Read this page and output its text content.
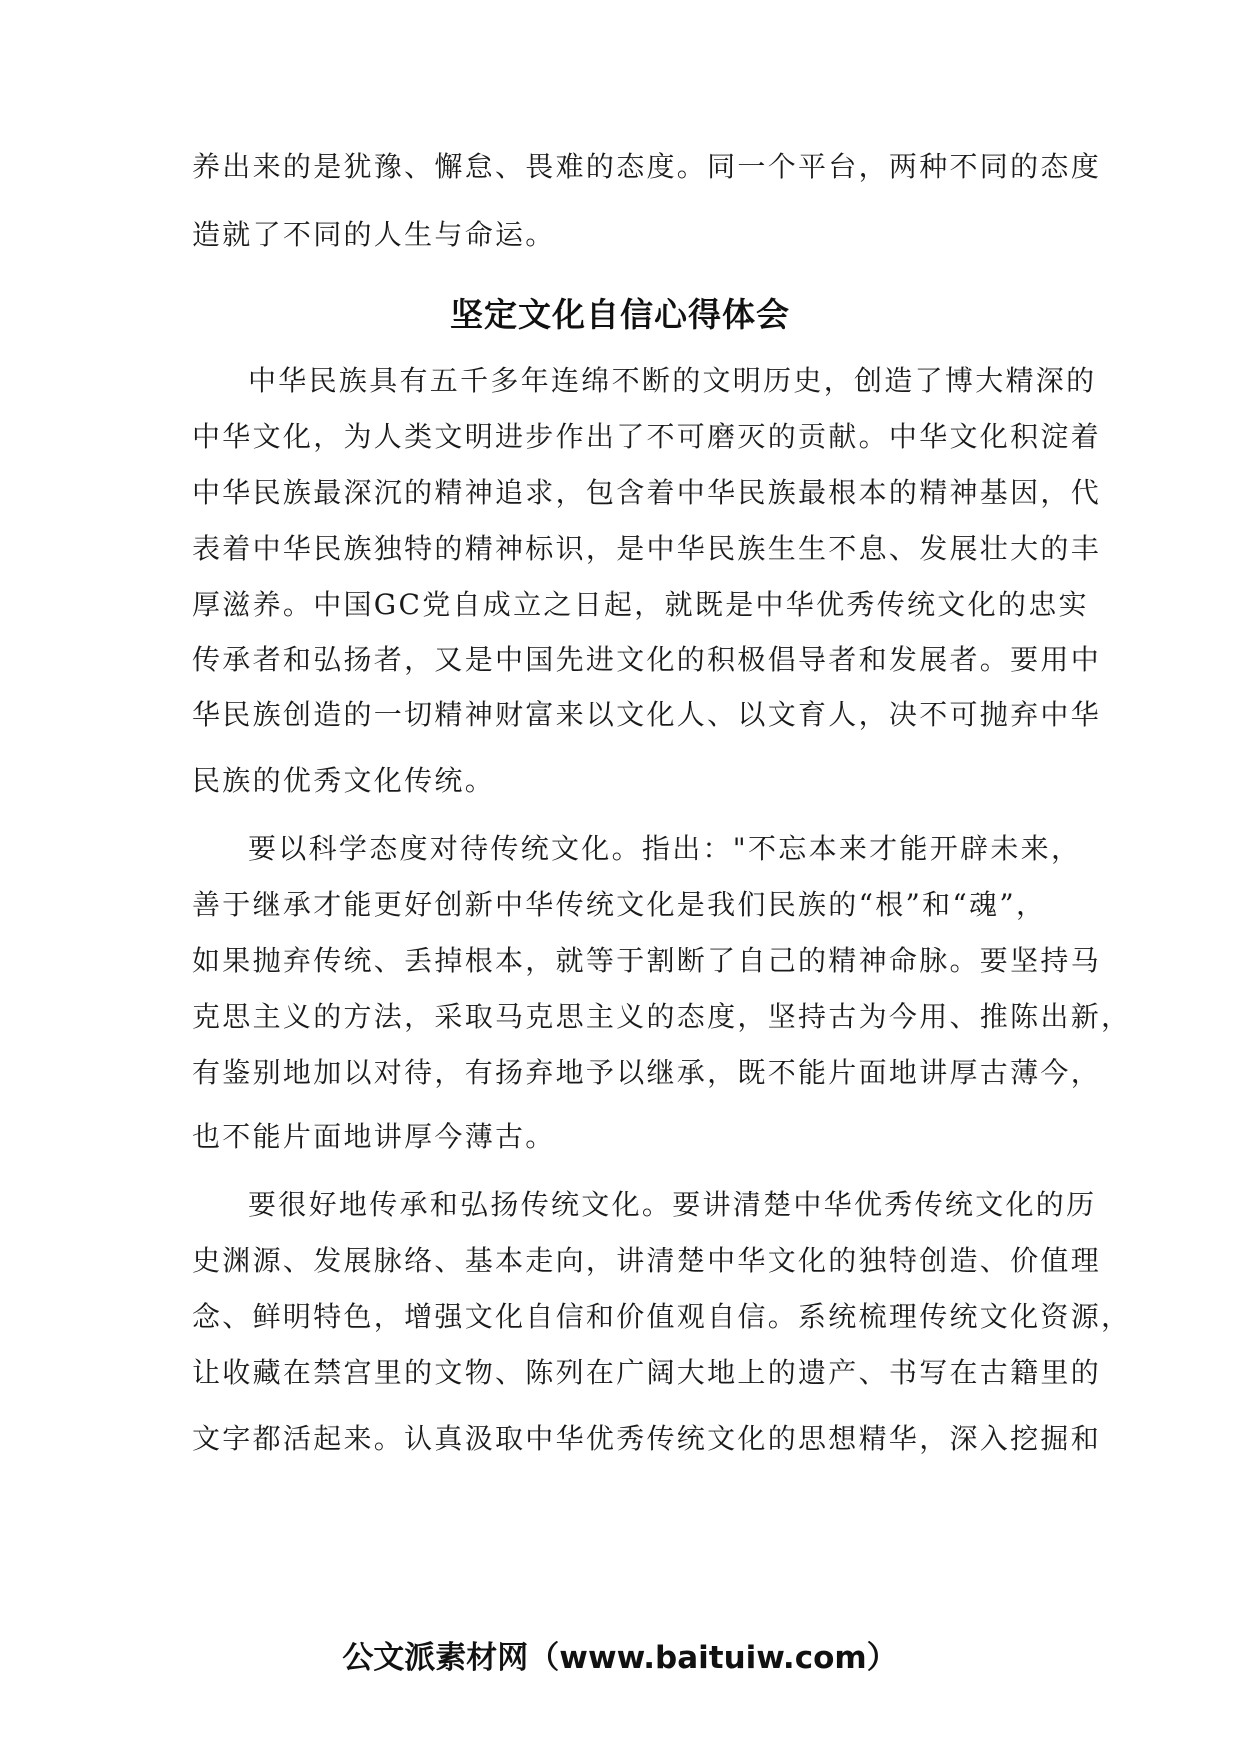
养出来的是犹豫、懈怠、畏难的态度。同一个平台，两种不同的态度
造就了不同的人生与命运。
坚定文化自信心得体会
中华民族具有五千多年连绵不断的文明历史，创造了博大精深的
中华文化，为人类文明进步作出了不可磨灭的贡献。中华文化积淀着
中华民族最深沉的精神追求，包含着中华民族最根本的精神基因，代
表着中华民族独特的精神标识，是中华民族生生不息、发展壮大的丰
厚滋养。中国GC党自成立之日起，就既是中华优秀传统文化的忠实
传承者和弘扬者，又是中国先进文化的积极倡导者和发展者。要用中
华民族创造的一切精神财富来以文化人、以文育人，决不可抛弃中华
民族的优秀文化传统。
要以科学态度对待传统文化。指出："不忘本来才能开辟未来，
善于继承才能更好创新中华传统文化是我们民族的“根”和“魂”，
如果抛弃传统、丢掉根本，就等于割断了自己的精神命脉。要坚持马
克思主义的方法，采取马克思主义的态度，坚持古为今用、推陈出新，
有鉴别地加以对待，有扬弃地予以继承，既不能片面地讲厚古薄今，
也不能片面地讲厚今薄古。
要很好地传承和弘扬传统文化。要讲清楚中华优秀传统文化的历
史渊源、发展脉络、基本走向，讲清楚中华文化的独特创造、价值理
念、鲜明特色，增强文化自信和价值观自信。系统梳理传统文化资源，
让收藏在禁宫里的文物、陈列在广阔大地上的遗产、书写在古籍里的
文字都活起来。认真汲取中华优秀传统文化的思想精华，深入挖掘和
公文派素材网（www.baituiw.com）
